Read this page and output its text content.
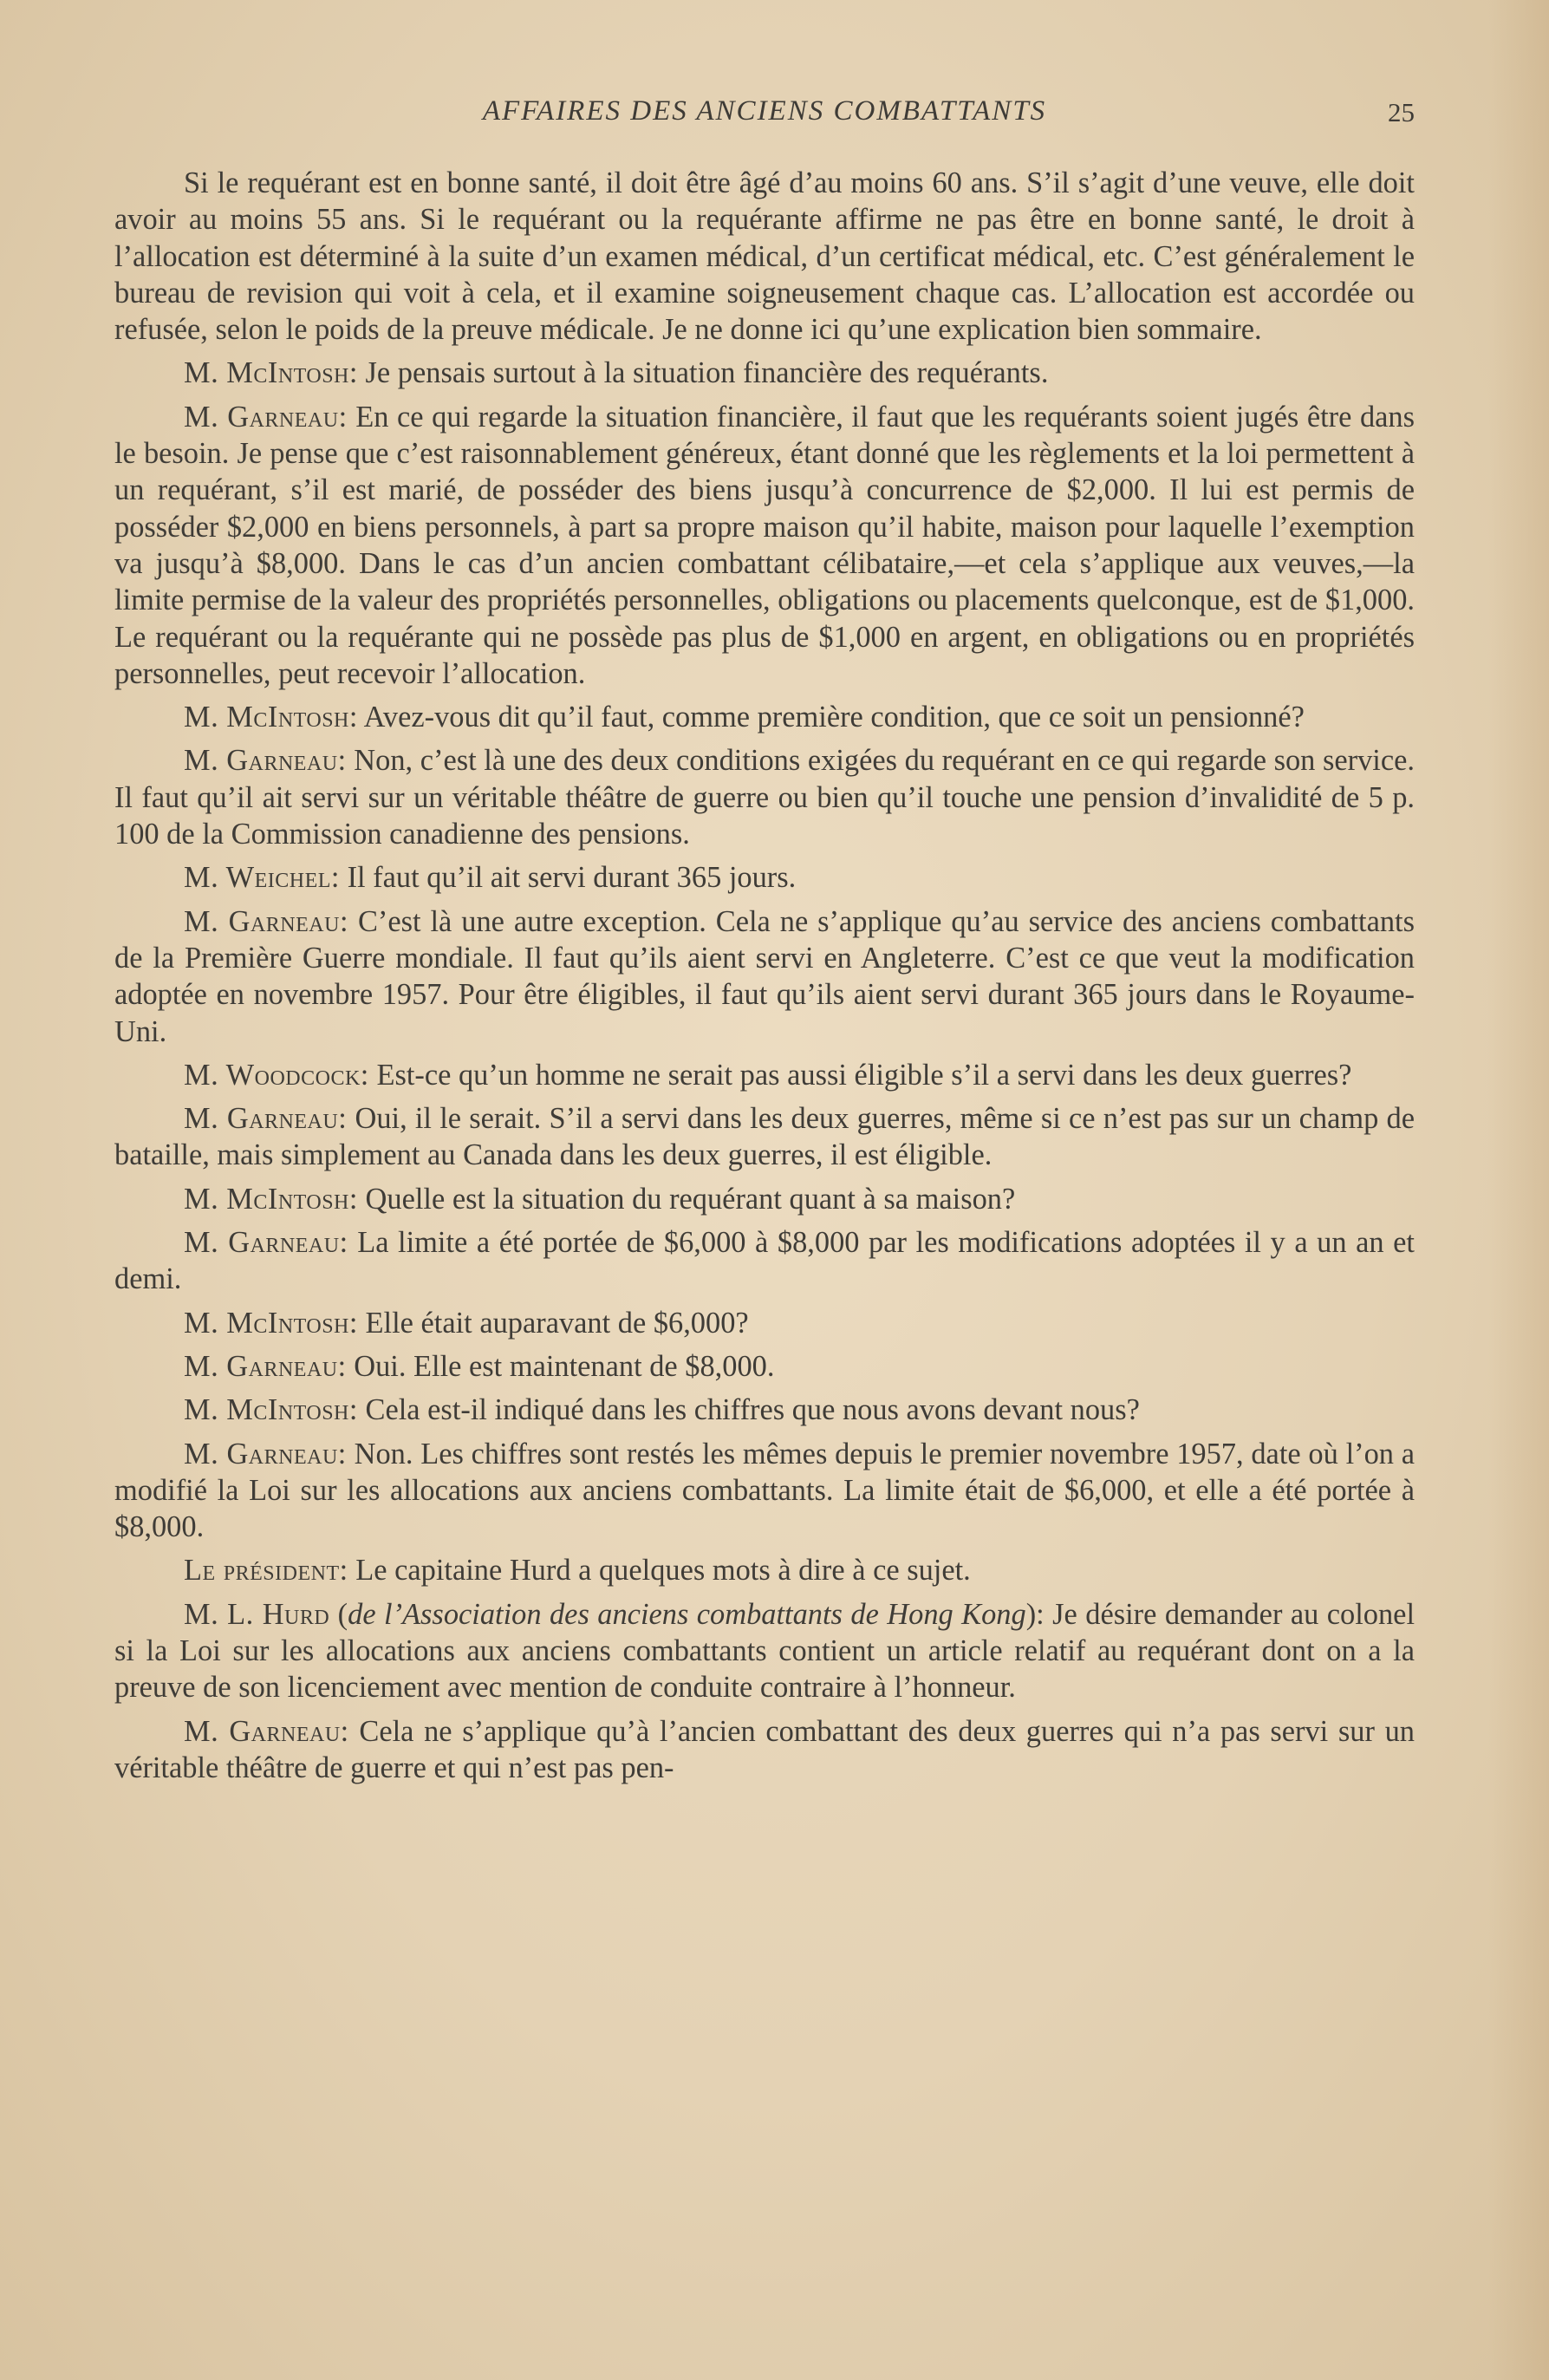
AFFAIRES DES ANCIENS COMBATTANTS	25

Si le requérant est en bonne santé, il doit être âgé d’au moins 60 ans. S’il s’agit d’une veuve, elle doit avoir au moins 55 ans. Si le requérant ou la requérante affirme ne pas être en bonne santé, le droit à l’allocation est déterminé à la suite d’un examen médical, d’un certificat médical, etc. C’est généralement le bureau de revision qui voit à cela, et il examine soigneusement chaque cas. L’allocation est accordée ou refusée, selon le poids de la preuve médicale. Je ne donne ici qu’une explication bien sommaire.

M. McIntosh: Je pensais surtout à la situation financière des requérants.

M. Garneau: En ce qui regarde la situation financière, il faut que les requérants soient jugés être dans le besoin. Je pense que c’est raisonnablement généreux, étant donné que les règlements et la loi permettent à un requérant, s’il est marié, de posséder des biens jusqu’à concurrence de $2,000. Il lui est permis de posséder $2,000 en biens personnels, à part sa propre maison qu’il habite, maison pour laquelle l’exemption va jusqu’à $8,000. Dans le cas d’un ancien combattant célibataire,—et cela s’applique aux veuves,—la limite permise de la valeur des propriétés personnelles, obligations ou placements quelconque, est de $1,000. Le requérant ou la requérante qui ne possède pas plus de $1,000 en argent, en obligations ou en propriétés personnelles, peut recevoir l’allocation.

M. McIntosh: Avez-vous dit qu’il faut, comme première condition, que ce soit un pensionné?

M. Garneau: Non, c’est là une des deux conditions exigées du requérant en ce qui regarde son service. Il faut qu’il ait servi sur un véritable théâtre de guerre ou bien qu’il touche une pension d’invalidité de 5 p. 100 de la Commission canadienne des pensions.

M. Weichel: Il faut qu’il ait servi durant 365 jours.

M. Garneau: C’est là une autre exception. Cela ne s’applique qu’au service des anciens combattants de la Première Guerre mondiale. Il faut qu’ils aient servi en Angleterre. C’est ce que veut la modification adoptée en novembre 1957. Pour être éligibles, il faut qu’ils aient servi durant 365 jours dans le Royaume-Uni.

M. Woodcock: Est-ce qu’un homme ne serait pas aussi éligible s’il a servi dans les deux guerres?

M. Garneau: Oui, il le serait. S’il a servi dans les deux guerres, même si ce n’est pas sur un champ de bataille, mais simplement au Canada dans les deux guerres, il est éligible.

M. McIntosh: Quelle est la situation du requérant quant à sa maison?

M. Garneau: La limite a été portée de $6,000 à $8,000 par les modifications adoptées il y a un an et demi.

M. McIntosh: Elle était auparavant de $6,000?

M. Garneau: Oui. Elle est maintenant de $8,000.

M. McIntosh: Cela est-il indiqué dans les chiffres que nous avons devant nous?

M. Garneau: Non. Les chiffres sont restés les mêmes depuis le premier novembre 1957, date où l’on a modifié la Loi sur les allocations aux anciens combattants. La limite était de $6,000, et elle a été portée à $8,000.

Le président: Le capitaine Hurd a quelques mots à dire à ce sujet.

M. L. Hurd (de l’Association des anciens combattants de Hong Kong): Je désire demander au colonel si la Loi sur les allocations aux anciens combattants contient un article relatif au requérant dont on a la preuve de son licenciement avec mention de conduite contraire à l’honneur.

M. Garneau: Cela ne s’applique qu’à l’ancien combattant des deux guerres qui n’a pas servi sur un véritable théâtre de guerre et qui n’est pas pen-
